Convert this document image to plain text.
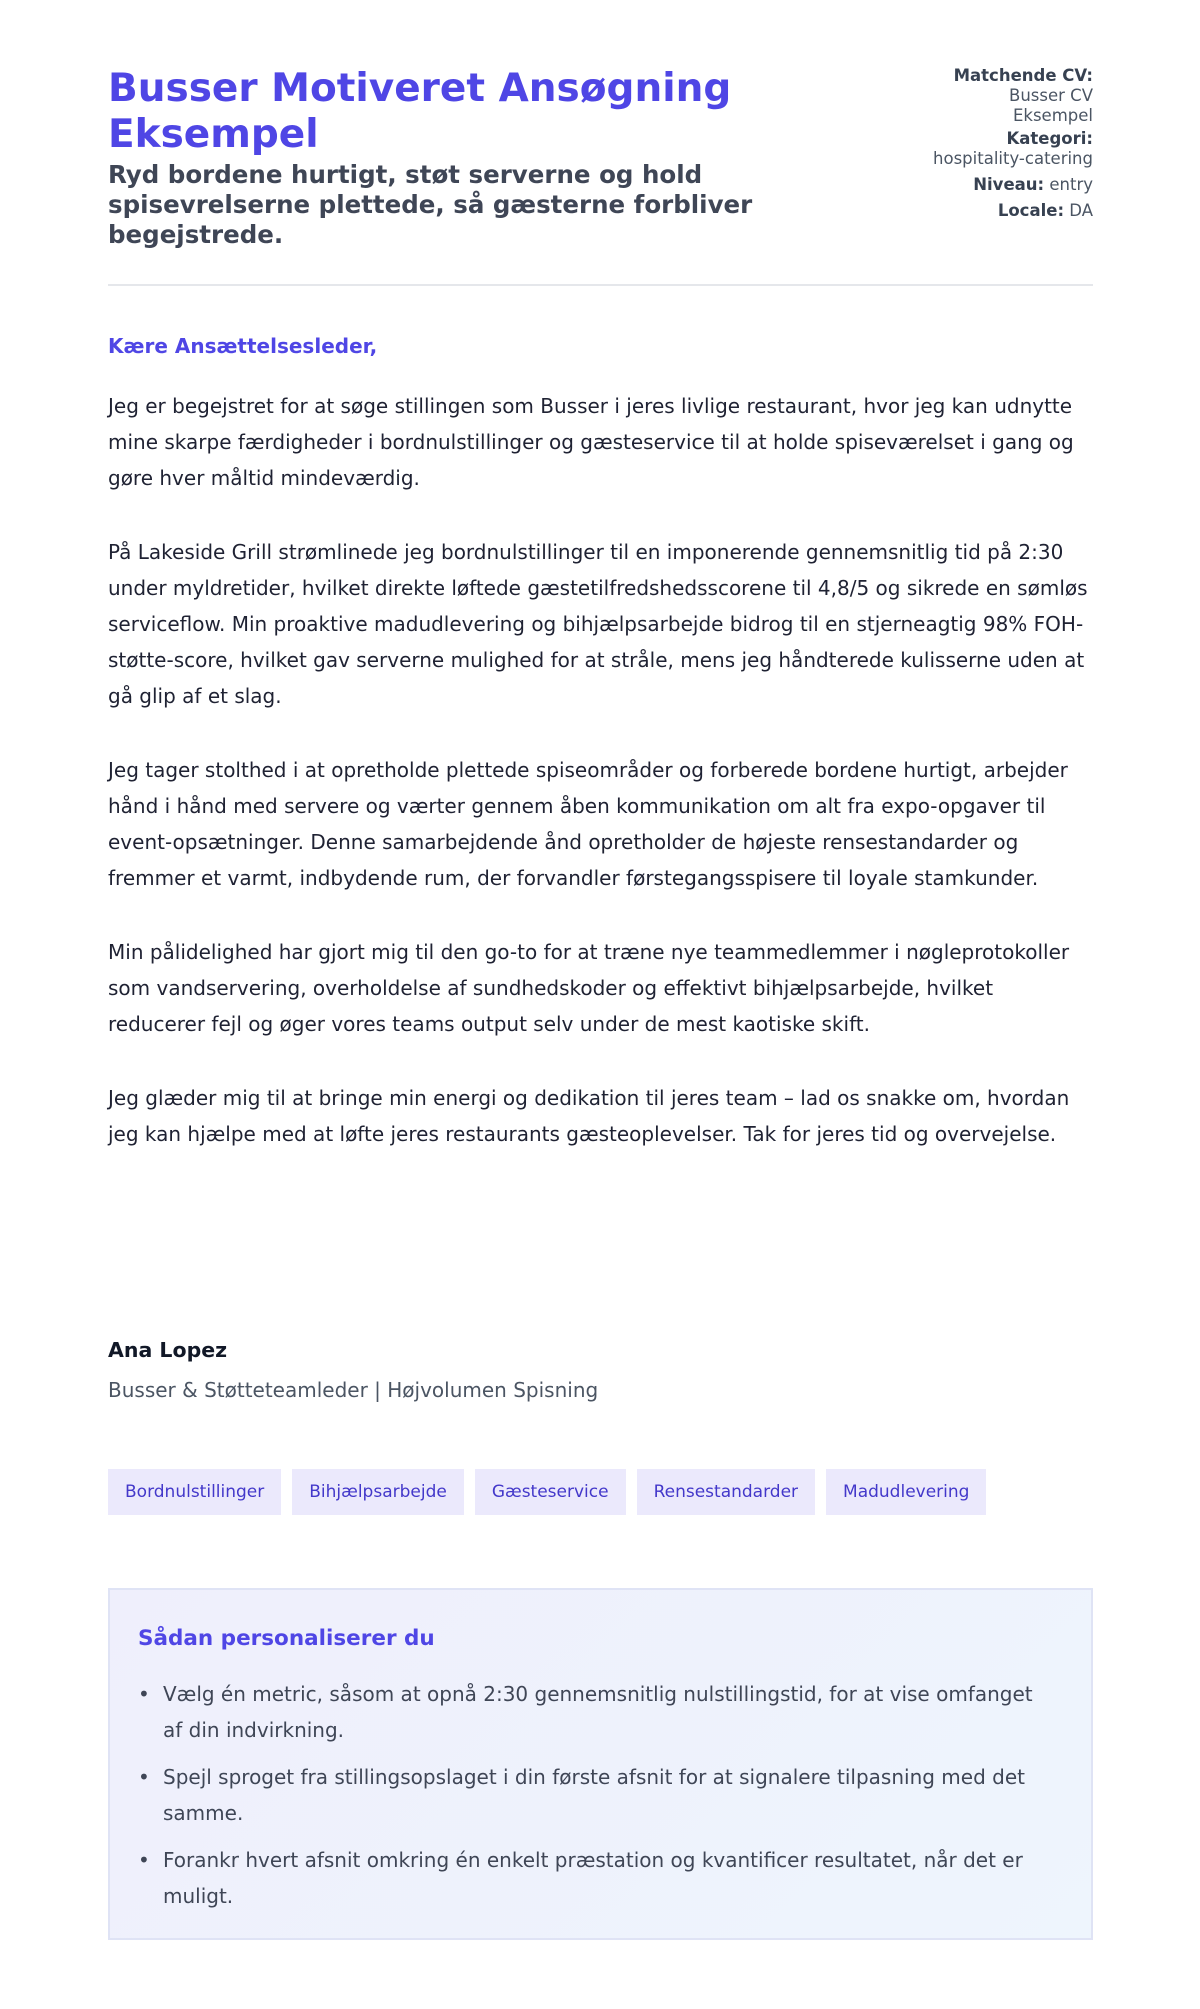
Busser Motiveret Ansøgning Eksempel
Ryd bordene hurtigt, støt serverne og hold spisevrelserne plettede, så gæsterne forbliver begejstrede.
Matchende CV:
Busser CV Eksempel
Kategori:
hospitality-catering
Niveau: entry
Locale: DA
Kære Ansættelsesleder,

Jeg er begejstret for at søge stillingen som Busser i jeres livlige restaurant, hvor jeg kan udnytte mine skarpe færdigheder i bordnulstillinger og gæsteservice til at holde spiseværelset i gang og gøre hver måltid mindeværdig.

På Lakeside Grill strømlinede jeg bordnulstillinger til en imponerende gennemsnitlig tid på 2:30 under myldretider, hvilket direkte løftede gæstetilfredshedsscorene til 4,8/5 og sikrede en sømløs serviceflow. Min proaktive madudlevering og bihjælpsarbejde bidrog til en stjerneagtig 98% FOH-støtte-score, hvilket gav serverne mulighed for at stråle, mens jeg håndterede kulisserne uden at gå glip af et slag.

Jeg tager stolthed i at opretholde plettede spiseområder og forberede bordene hurtigt, arbejder hånd i hånd med servere og værter gennem åben kommunikation om alt fra expo-opgaver til event-opsætninger. Denne samarbejdende ånd opretholder de højeste rensestandarder og fremmer et varmt, indbydende rum, der forvandler førstegangsspisere til loyale stamkunder.

Min pålidelighed har gjort mig til den go-to for at træne nye teammedlemmer i nøgleprotokoller som vandservering, overholdelse af sundhedskoder og effektivt bihjælpsarbejde, hvilket reducerer fejl og øger vores teams output selv under de mest kaotiske skift.

Jeg glæder mig til at bringe min energi og dedikation til jeres team – lad os snakke om, hvordan jeg kan hjælpe med at løfte jeres restaurants gæsteoplevelser. Tak for jeres tid og overvejelse.

Ana Lopez
Busser & Støtteteamleder | Højvolumen Spisning
Bordnulstillinger	Bihjælpsarbejde	Gæsteservice	Rensestandarder	Madudlevering
Sådan personaliserer du
• Vælg én metric, såsom at opnå 2:30 gennemsnitlig nulstillingstid, for at vise omfanget af din indvirkning.
• Spejl sproget fra stillingsopslaget i din første afsnit for at signalere tilpasning med det samme.
• Forankr hvert afsnit omkring én enkelt præstation og kvantificer resultatet, når det er muligt.
